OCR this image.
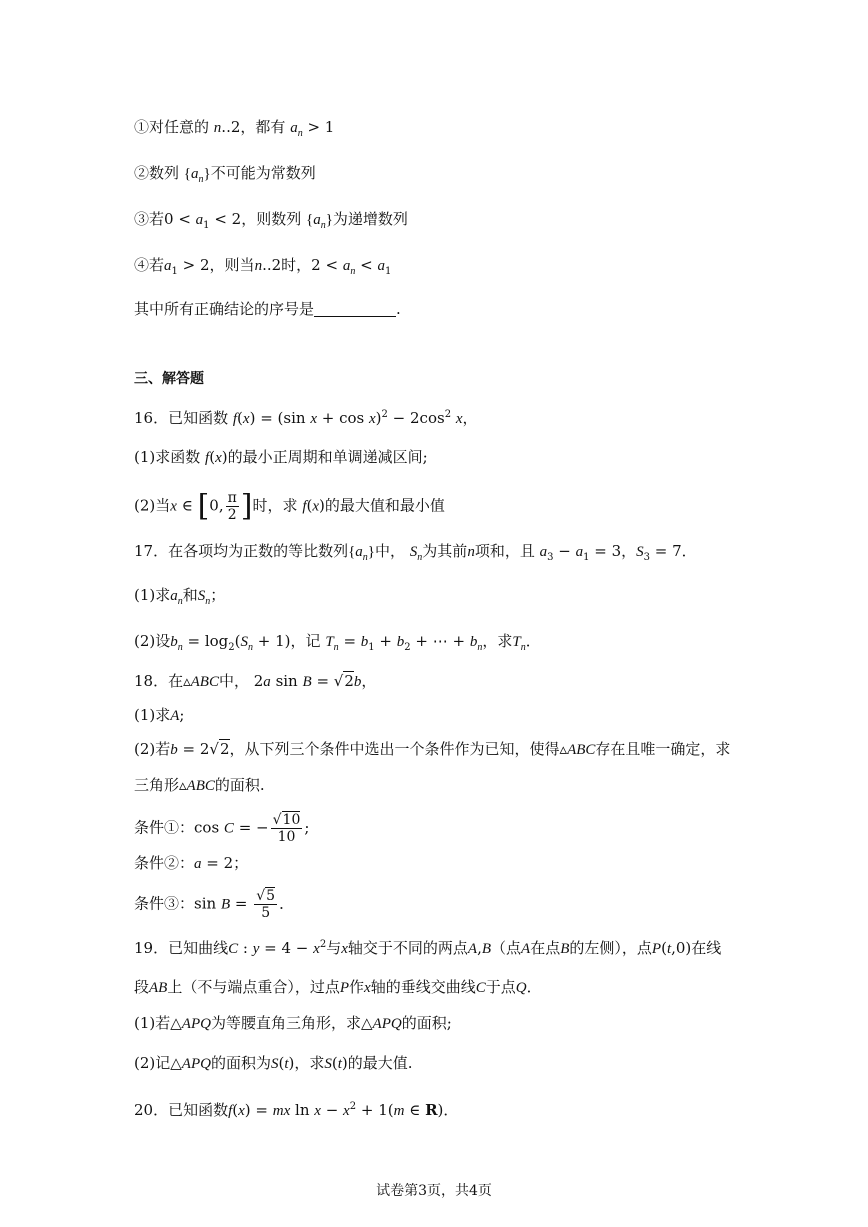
①对任意的 n..2，都有 $a_n > 1$
②数列 $\{a_n\}$不可能为常数列
③若$0 < a_1 < 2$，则数列 $\{a_n\}$为递增数列
④若$a_1 > 2$，则当n..2时，$2 < a_n < a_1$
其中所有正确结论的序号是	.
三、解答题
16．已知函数 f(x) = (sin $x + \cos x)^2 - 2\cos^2$ x，
(1)求函数 f(x)的最小正周期和单调递减区间;
(2)当x ∈ [0, $\frac{\pi}{2}$ ]时，求 f(x)的最大值和最小值
17．在各项均为正数的等比数列$\{a_n\}$中， $S_n$为其前n项和，且 $a_3 - a_1 = 3$，$S_3 = 7$．
(1)求$a_n$和$S_n$；
(2)设$b_n = \log_2(S_n + 1)$，记 $T_n = b_1 + b_2$ + ⋯ + $b_n$，求$T_n$．
18．在▵ABC中， 2a sin B = √2b，
(1)求A;
(2)若b = 2√2，从下列三个条件中选出一个条件作为已知，使得▵ABC存在且唯一确定，求
三角形▵ABC的面积.
条件①：cos C = − $\frac{√10}{10}$ ;
条件②：a = 2；
条件③：$\sin B = \frac{√5}{5}$ ．
19．已知曲线C : $y = 4 - x^2$与x轴交于不同的两点A,B（点A在点B的左侧），点P(t,0)在线
段AB上（不与端点重合），过点P作x轴的垂线交曲线C于点Q．
(1)若△APQ为等腰直角三角形，求△APQ的面积;
(2)记△APQ的面积为S(t)，求S(t)的最大值.
20．已知函数f(x) = mx $\ln x - x^2 + 1(m$ ∈ R)．
试卷第3页，共4页
